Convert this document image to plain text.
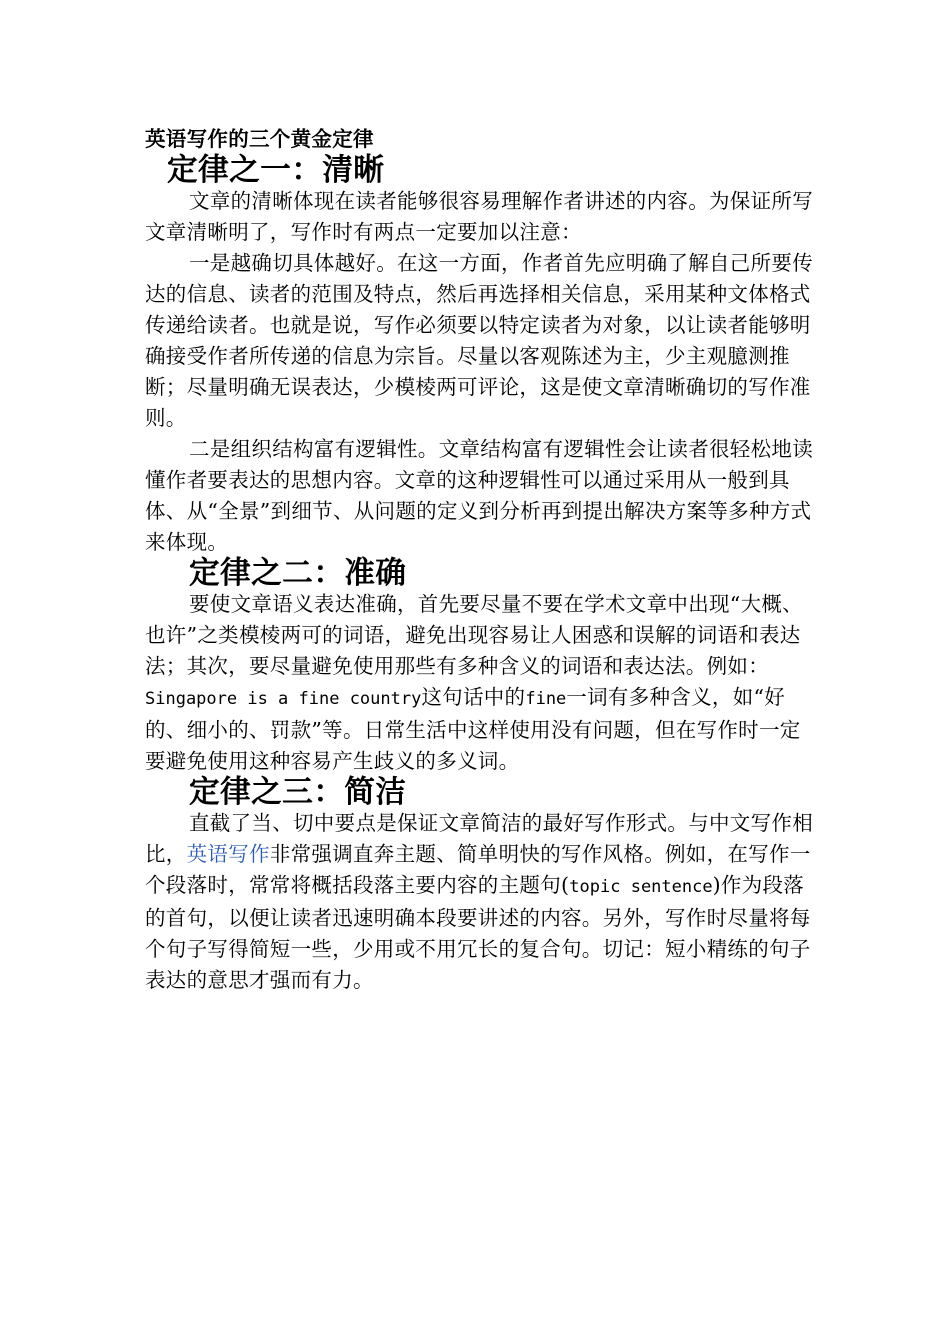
英语写作的三个黄金定律
定律之一：清晰

文章的清晰体现在读者能够很容易理解作者讲述的内容。为保证所写文章清晰明了，写作时有两点一定要加以注意：

一是越确切具体越好。在这一方面，作者首先应明确了解自己所要传达的信息、读者的范围及特点，然后再选择相关信息，采用某种文体格式传递给读者。也就是说，写作必须要以特定读者为对象，以让读者能够明确接受作者所传递的信息为宗旨。尽量以客观陈述为主，少主观臆测推断；尽量明确无误表达，少模棱两可评论，这是使文章清晰确切的写作准则。

二是组织结构富有逻辑性。文章结构富有逻辑性会让读者很轻松地读懂作者要表达的思想内容。文章的这种逻辑性可以通过采用从一般到具体、从“全景”到细节、从问题的定义到分析再到提出解决方案等多种方式来体现。

定律之二：准确

要使文章语义表达准确，首先要尽量不要在学术文章中出现“大概、也许”之类模棱两可的词语，避免出现容易让人困惑和误解的词语和表达法；其次，要尽量避免使用那些有多种含义的词语和表达法。例如：Singapore is a fine country这句话中的fine一词有多种含义，如“好的、细小的、罚款”等。日常生活中这样使用没有问题，但在写作时一定要避免使用这种容易产生歧义的多义词。

定律之三：简洁

直截了当、切中要点是保证文章简洁的最好写作形式。与中文写作相比，英语写作非常强调直奔主题、简单明快的写作风格。例如，在写作一个段落时，常常将概括段落主要内容的主题句(topic sentence)作为段落的首句，以便让读者迅速明确本段要讲述的内容。另外，写作时尽量将每个句子写得简短一些，少用或不用冗长的复合句。切记：短小精练的句子表达的意思才强而有力。
